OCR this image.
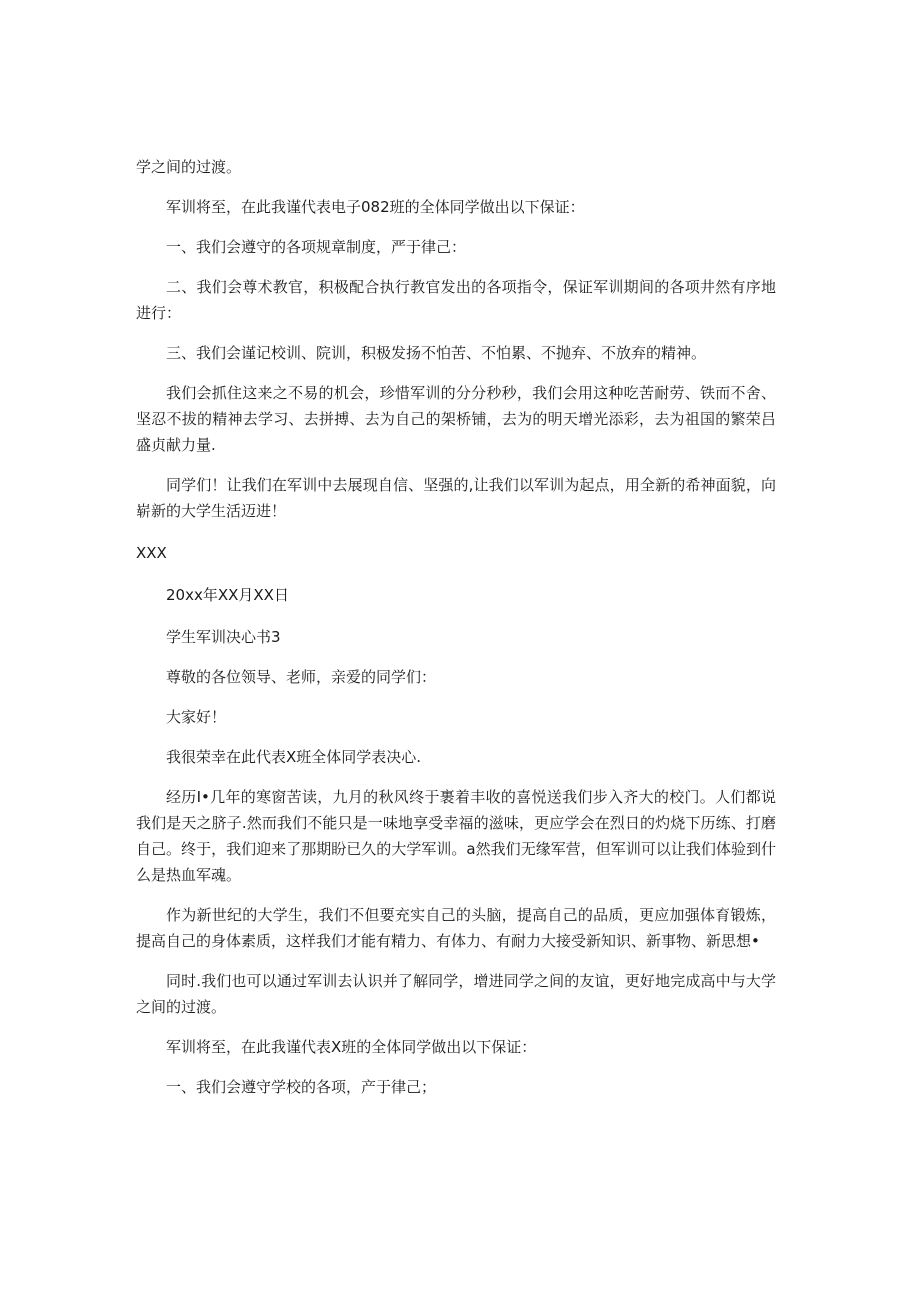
学之间的过渡。

军训将至，在此我谨代表电子082班的全体同学做出以下保证：

一、我们会遵守的各项规章制度，严于律己：

二、我们会尊术教官，积极配合执行教官发出的各项指令，保证军训期间的各项井然有序地进行：

三、我们会谨记校训、院训，积极发扬不怕苦、不怕累、不抛弃、不放弃的精神。

我们会抓住这来之不易的机会，珍惜军训的分分秒秒，我们会用这种吃苦耐劳、铁而不舍、坚忍不拔的精神去学习、去拼搏、去为自己的架桥铺，去为的明天增光添彩，去为祖国的繁荣吕盛贞献力量.

同学们！让我们在军训中去展现自信、坚强的,让我们以军训为起点，用全新的希神面貌，向崭新的大学生活迈进！

XXX

20xx年XX月XX日

学生军训决心书3

尊敬的各位领导、老师，亲爱的同学们：

大家好！

我很荣幸在此代表X班全体同学表决心.

经历I•几年的寒窗苦读，九月的秋风终于裹着丰收的喜悦送我们步入齐大的校门。人们都说我们是天之脐子.然而我们不能只是一味地享受幸福的滋味，更应学会在烈日的灼烧下历练、打磨自己。终于，我们迎来了那期盼已久的大学军训。a然我们无缘军营，但军训可以让我们体验到什么是热血军魂。

作为新世纪的大学生，我们不但要充实自己的头脑，提高自己的品质，更应加强体育锻炼，提高自己的身体素质，这样我们才能有精力、有体力、有耐力大接受新知识、新事物、新思想•

同时.我们也可以通过军训去认识并了解同学，增进同学之间的友谊，更好地完成高中与大学之间的过渡。

军训将至，在此我谨代表X班的全体同学做出以下保证：

一、我们会遵守学校的各项，产于律己；
